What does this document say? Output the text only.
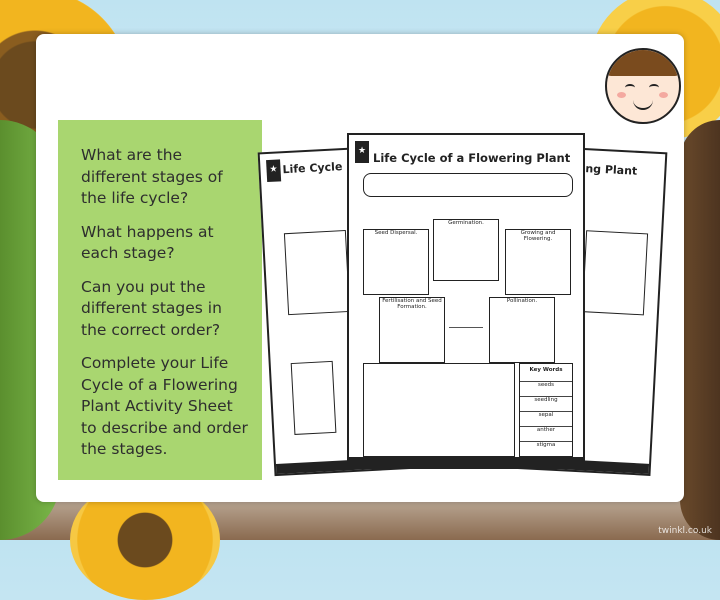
What are the different stages of the life cycle?

What happens at each stage?

Can you put the different stages in the correct order?

Complete your Life Cycle of a Flowering Plant Activity Sheet to describe and order the stages.

★ Life Cycle	ng Plant
★ Life Cycle of a Flowering Plant
Germination.
Seed Dispersal.	Growing and Flowering.
Fertilisation and Seed Formation.
Pollination.
Key Words
seeds
seedling
sepal
anther
stigma
twinkl.co.uk
